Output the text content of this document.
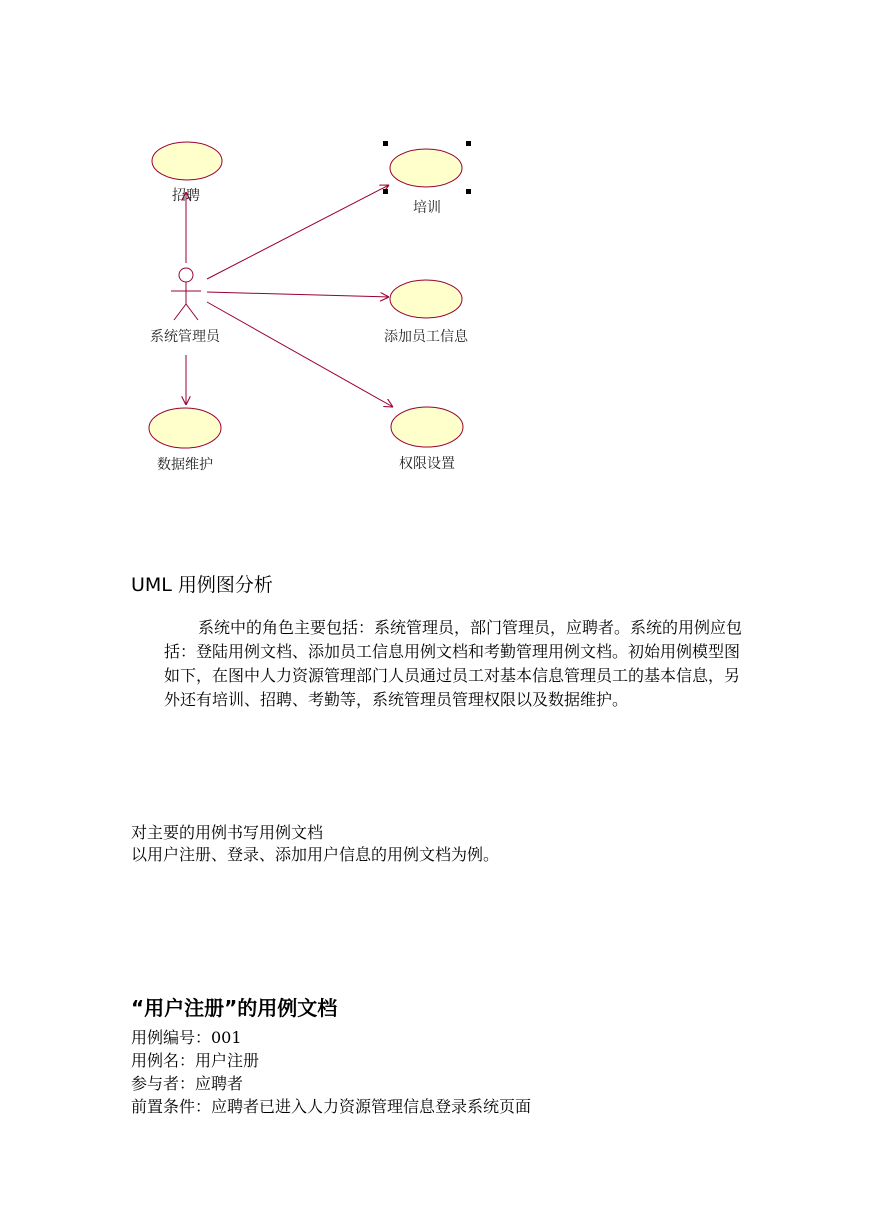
系统管理员
招聘
培训
添加员工信息
数据维护	权限设置
UML 用例图分析
系统中的角色主要包括：系统管理员，部门管理员，应聘者。系统的用例应包括：登陆用例文档、添加员工信息用例文档和考勤管理用例文档。初始用例模型图如下，在图中人力资源管理部门人员通过员工对基本信息管理员工的基本信息，另外还有培训、招聘、考勤等，系统管理员管理权限以及数据维护。
对主要的用例书写用例文档
以用户注册、登录、添加用户信息的用例文档为例。
“用户注册”的用例文档
用例编号：001
用例名：用户注册
参与者：应聘者
前置条件：应聘者已进入人力资源管理信息登录系统页面
